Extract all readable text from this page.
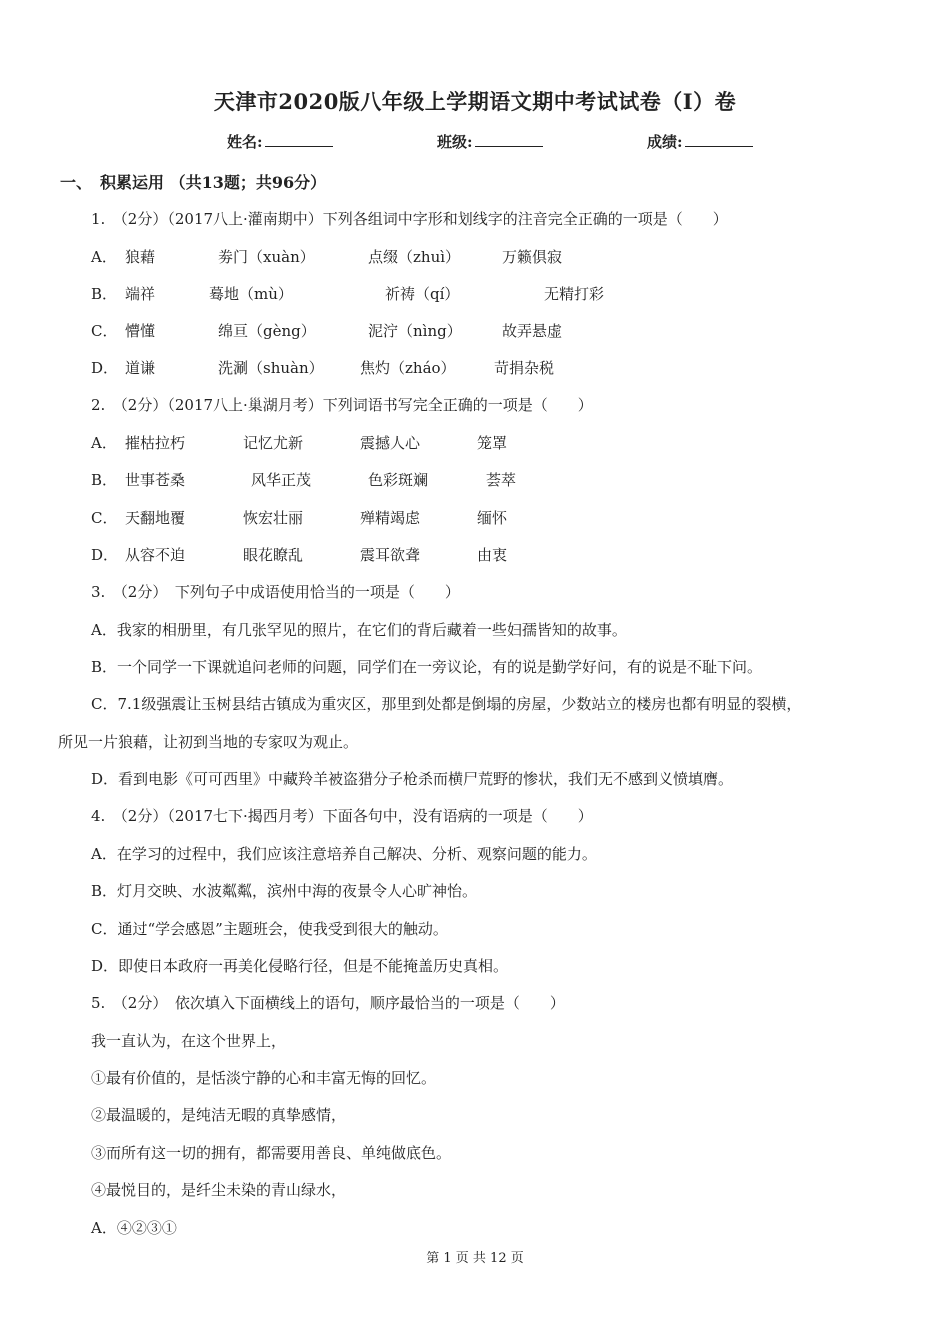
天津市2020版八年级上学期语文期中考试试卷（I）卷
姓名:	班级:	成绩:
一、　积累运用 （共13题；共96分）
1.　（2分）（2017八上·灌南期中）下列各组词中字形和划线字的注音完全正确的一项是（　　）
A． 狼藉	劵门（xuàn）	点缀（zhuì）	万籁俱寂
B． 端祥	蓦地（mù）	祈祷（qí）	无精打彩
C． 懵懂	绵亘（gèng）	泥泞（nìng）	故弄悬虚
D． 道谦	洗涮（shuàn） 焦灼（zháo）	苛捐杂税
2.　（2分）（2017八上·巢湖月考）下列词语书写完全正确的一项是（　　）
A． 摧枯拉朽	记忆尤新	震撼人心	笼罩
B． 世事苍桑	风华正茂	色彩斑斓	荟萃
C． 天翻地覆	恢宏壮丽	殚精竭虑	缅怀
D． 从容不迫	眼花瞭乱	震耳欲聋	由衷
3.　（2分）　下列句子中成语使用恰当的一项是（　　）
A．我家的相册里，有几张罕见的照片，在它们的背后藏着一些妇孺皆知的故事。
B．一个同学一下课就追问老师的问题，同学们在一旁议论，有的说是勤学好问，有的说是不耻下问。
C．7.1级强震让玉树县结古镇成为重灾区，那里到处都是倒塌的房屋，少数站立的楼房也都有明显的裂横，
所见一片狼藉，让初到当地的专家叹为观止。
D．看到电影《可可西里》中藏羚羊被盗猎分子枪杀而横尸荒野的惨状，我们无不感到义愤填膺。
4.　（2分）（2017七下·揭西月考）下面各句中，没有语病的一项是（　　）
A．在学习的过程中，我们应该注意培养自己解决、分析、观察问题的能力。
B．灯月交映、水波粼粼，滨州中海的夜景令人心旷神怡。
C．通过“学会感恩”主题班会，使我受到很大的触动。
D．即使日本政府一再美化侵略行径，但是不能掩盖历史真相。
5.　（2分）　依次填入下面横线上的语句，顺序最恰当的一项是（　　）
我一直认为，在这个世界上，
①最有价值的，是恬淡宁静的心和丰富无悔的回忆。
②最温暖的，是纯洁无暇的真挚感情，
③而所有这一切的拥有，都需要用善良、单纯做底色。
④最悦目的，是纤尘未染的青山绿水，
A．④②③①
第 1 页 共 12 页
